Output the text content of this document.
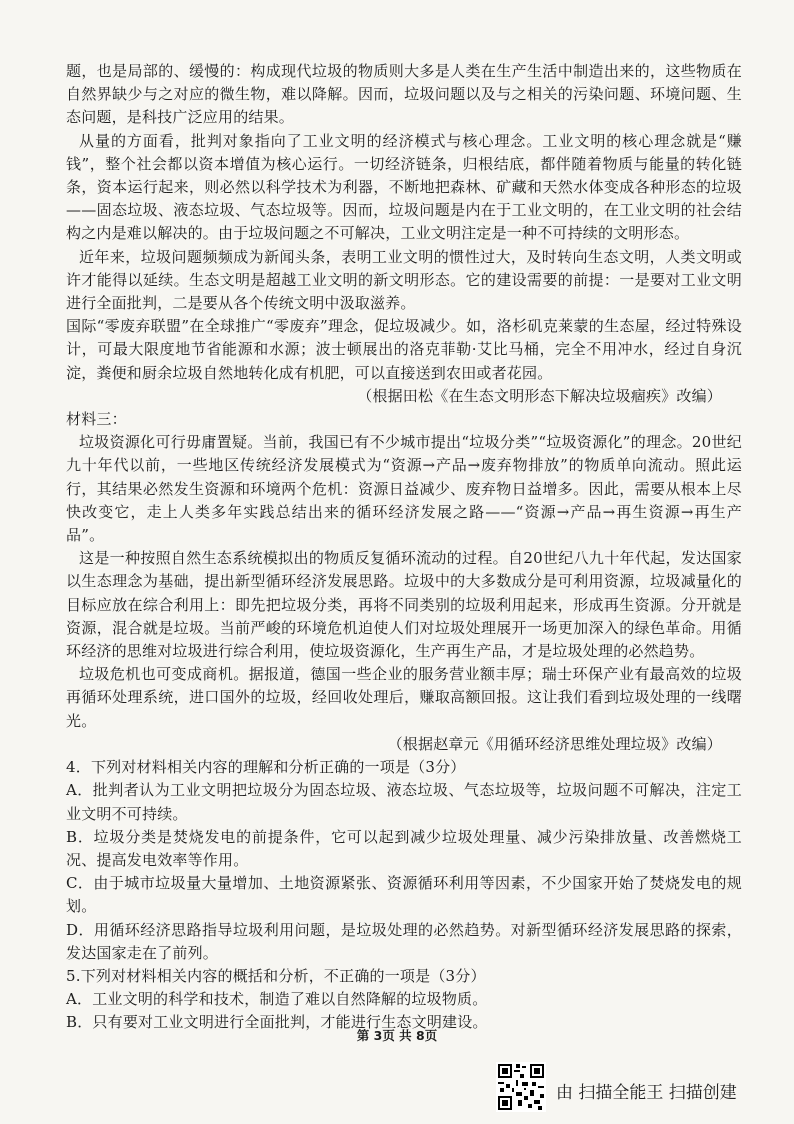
题，也是局部的、缓慢的：构成现代垃圾的物质则大多是人类在生产生活中制造出来的，这些物质在自然界缺少与之对应的微生物，难以降解。因而，垃圾问题以及与之相关的污染问题、环境问题、生态问题，是科技广泛应用的结果。

从量的方面看，批判对象指向了工业文明的经济模式与核心理念。工业文明的核心理念就是“赚钱”，整个社会都以资本增值为核心运行。一切经济链条，归根结底，都伴随着物质与能量的转化链条，资本运行起来，则必然以科学技术为利器，不断地把森林、矿藏和天然水体变成各种形态的垃圾——固态垃圾、液态垃圾、气态垃圾等。因而，垃圾问题是内在于工业文明的，在工业文明的社会结构之内是难以解决的。由于垃圾问题之不可解决，工业文明注定是一种不可持续的文明形态。

近年来，垃圾问题频频成为新闻头条，表明工业文明的惯性过大，及时转向生态文明，人类文明或许才能得以延续。生态文明是超越工业文明的新文明形态。它的建设需要的前提：一是要对工业文明进行全面批判，二是要从各个传统文明中汲取滋养。

国际“零废弃联盟”在全球推广“零废弃”理念，促垃圾减少。如，洛杉矶克莱蒙的生态屋，经过特殊设计，可最大限度地节省能源和水源；波士顿展出的洛克菲勒·艾比马桶，完全不用冲水，经过自身沉淀，粪便和厨余垃圾自然地转化成有机肥，可以直接送到农田或者花园。

（根据田松《在生态文明形态下解决垃圾痼疾》改编）

材料三：

垃圾资源化可行毋庸置疑。当前，我国已有不少城市提出“垃圾分类”“垃圾资源化”的理念。20世纪九十年代以前，一些地区传统经济发展模式为“资源→产品→废弃物排放”的物质单向流动。照此运行，其结果必然发生资源和环境两个危机：资源日益减少、废弃物日益增多。因此，需要从根本上尽快改变它，走上人类多年实践总结出来的循环经济发展之路——“资源→产品→再生资源→再生产品”。

这是一种按照自然生态系统模拟出的物质反复循环流动的过程。自20世纪八九十年代起，发达国家以生态理念为基础，提出新型循环经济发展思路。垃圾中的大多数成分是可利用资源，垃圾减量化的目标应放在综合利用上：即先把垃圾分类，再将不同类别的垃圾利用起来，形成再生资源。分开就是资源，混合就是垃圾。当前严峻的环境危机迫使人们对垃圾处理展开一场更加深入的绿色革命。用循环经济的思维对垃圾进行综合利用，使垃圾资源化，生产再生产品，才是垃圾处理的必然趋势。

垃圾危机也可变成商机。据报道，德国一些企业的服务营业额丰厚；瑞士环保产业有最高效的垃圾再循环处理系统，进口国外的垃圾，经回收处理后，赚取高额回报。这让我们看到垃圾处理的一线曙光。

（根据赵章元《用循环经济思维处理垃圾》改编）

4．下列对材料相关内容的理解和分析正确的一项是（3分）

A．批判者认为工业文明把垃圾分为固态垃圾、液态垃圾、气态垃圾等，垃圾问题不可解决，注定工业文明不可持续。

B．垃圾分类是焚烧发电的前提条件，它可以起到减少垃圾处理量、减少污染排放量、改善燃烧工况、提高发电效率等作用。

C．由于城市垃圾量大量增加、土地资源紧张、资源循环利用等因素，不少国家开始了焚烧发电的规划。

D．用循环经济思路指导垃圾利用问题，是垃圾处理的必然趋势。对新型循环经济发展思路的探索，发达国家走在了前列。

5.下列对材料相关内容的概括和分析，不正确的一项是（3分）

A．工业文明的科学和技术，制造了难以自然降解的垃圾物质。

B．只有要对工业文明进行全面批判，才能进行生态文明建设。

第 3页 共 8页
由 扫描全能王 扫描创建
